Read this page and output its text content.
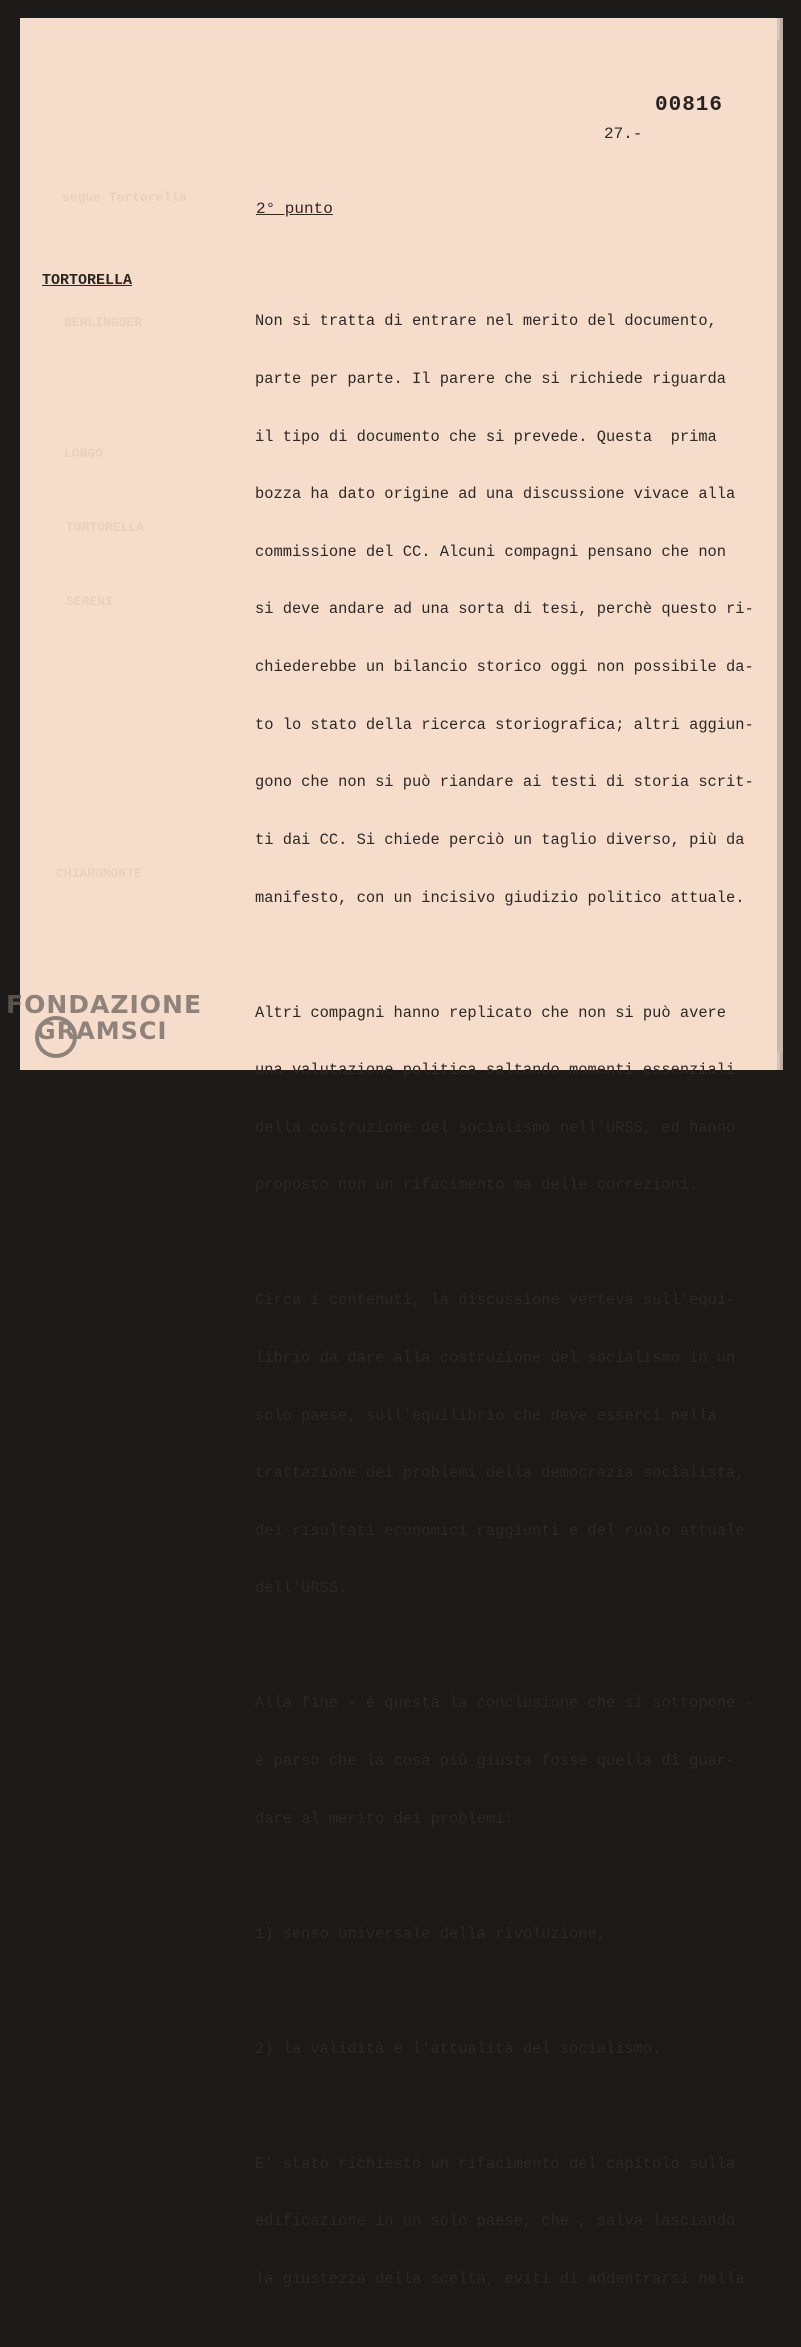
segue Tortorella
BERLINGUER
LONGO
TORTORELLA
SERENI
CHIAROMONTE
00816
27.-
2° punto
TORTORELLA

Non si tratta di entrare nel merito del documento,

parte per parte. Il parere che si richiede riguarda

il tipo di documento che si prevede. Questa  prima

bozza ha dato origine ad una discussione vivace alla

commissione del CC. Alcuni compagni pensano che non

si deve andare ad una sorta di tesi, perchè questo ri-

chiederebbe un bilancio storico oggi non possibile da-

to lo stato della ricerca storiografica; altri aggiun-

gono che non si può riandare ai testi di storia scrit-

ti dai CC. Si chiede perciò un taglio diverso, più da

manifesto, con un incisivo giudizio politico attuale.

Altri compagni hanno replicato che non si può avere

una valutazione politica saltando momenti essenziali

della costruzione del socialismo nell'URSS, ed hanno

proposto non un rifacimento ma delle correzioni.

Circa i contenuti, la discussione verteva sull'equi-

librio da dare alla costruzione del socialismo in un

solo paese, sull'equilibrio che deve esserci nella

trattazione dei problemi della democrazia socialista,

dei risultati economici raggiunti e del ruolo attuale

dell'URSS.

Alla fine - è questa la conclusione che si sottopone -

è parso che la cosa più giusta fosse quella di guar-

dare al merito dei problemi:

1) senso universale della rivoluzione,

2) la validità e l'attualità del socialismo.

E' stato richiesto un rifacimento del capitolo sulla

edificazione in un solo paese, che , salva lasciando

la giustezza della scelta, eviti di addentrarsi nella

FONDAZIONE
GRAMSCI
